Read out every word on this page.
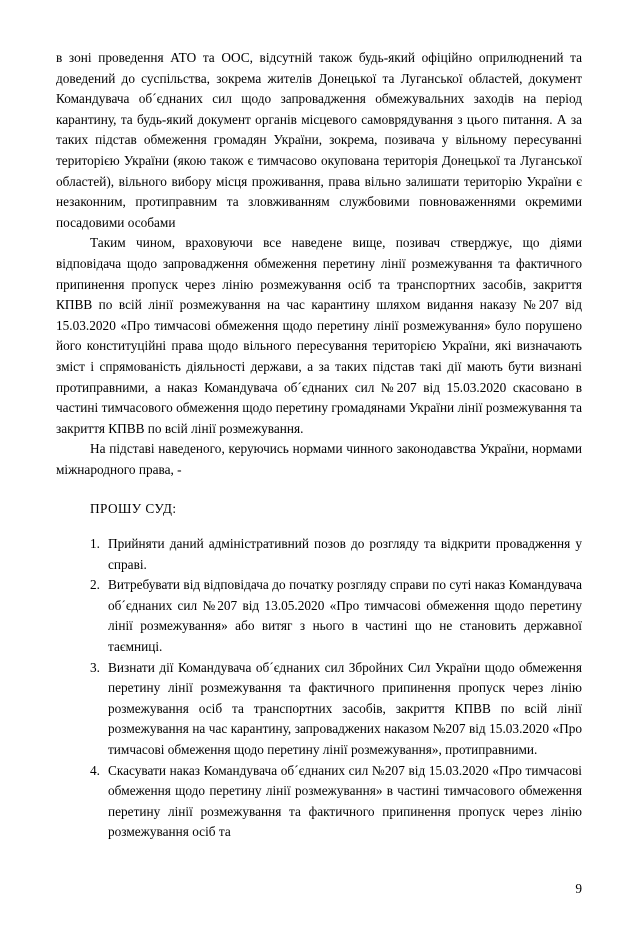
в зоні проведення АТО та ООС, відсутній також будь-який офіційно оприлюднений та доведений до суспільства, зокрема жителів Донецької та Луганської областей, документ Командувача об´єднаних сил щодо запровадження обмежувальних заходів на період карантину, та будь-який документ органів місцевого самоврядування з цього питання. А за таких підстав обмеження громадян України, зокрема, позивача у вільному пересуванні територією України (якою також є тимчасово окупована територія Донецької та Луганської областей), вільного вибору місця проживання, права вільно залишати територію України є незаконним, протиправним та зловживанням службовими повноваженнями окремими посадовими особами

Таким чином, враховуючи все наведене вище, позивач стверджує, що діями відповідача щодо запровадження обмеження перетину лінії розмежування та фактичного припинення пропуск через лінію розмежування осіб та транспортних засобів, закриття КПВВ по всій лінії розмежування на час карантину шляхом видання наказу №207 від 15.03.2020 «Про тимчасові обмеження щодо перетину лінії розмежування» було порушено його конституційні права щодо вільного пересування територією України, які визначають зміст і спрямованість діяльності держави, а за таких підстав такі дії мають бути визнані протиправними, а наказ Командувача об´єднаних сил №207 від 15.03.2020 скасовано в частині тимчасового обмеження щодо перетину громадянами України лінії розмежування та закриття КПВВ по всій лінії розмежування.

На підставі наведеного, керуючись нормами чинного законодавства України, нормами міжнародного права, -

ПРОШУ СУД:

Прийняти даний адміністративний позов до розгляду та відкрити провадження у справі.
Витребувати від відповідача до початку розгляду справи по суті наказ Командувача об´єднаних сил №207 від 13.05.2020 «Про тимчасові обмеження щодо перетину лінії розмежування» або витяг з нього в частині що не становить державної таємниці.
Визнати дії Командувача об´єднаних сил Збройних Сил України щодо обмеження перетину лінії розмежування та фактичного припинення пропуск через лінію розмежування осіб та транспортних засобів, закриття КПВВ по всій лінії розмежування на час карантину, запроваджених наказом №207 від 15.03.2020 «Про тимчасові обмеження щодо перетину лінії розмежування», протиправними.
Скасувати наказ Командувача об´єднаних сил №207 від 15.03.2020 «Про тимчасові обмеження щодо перетину лінії розмежування» в частині тимчасового обмеження перетину лінії розмежування та фактичного припинення пропуск через лінію розмежування осіб та
9
